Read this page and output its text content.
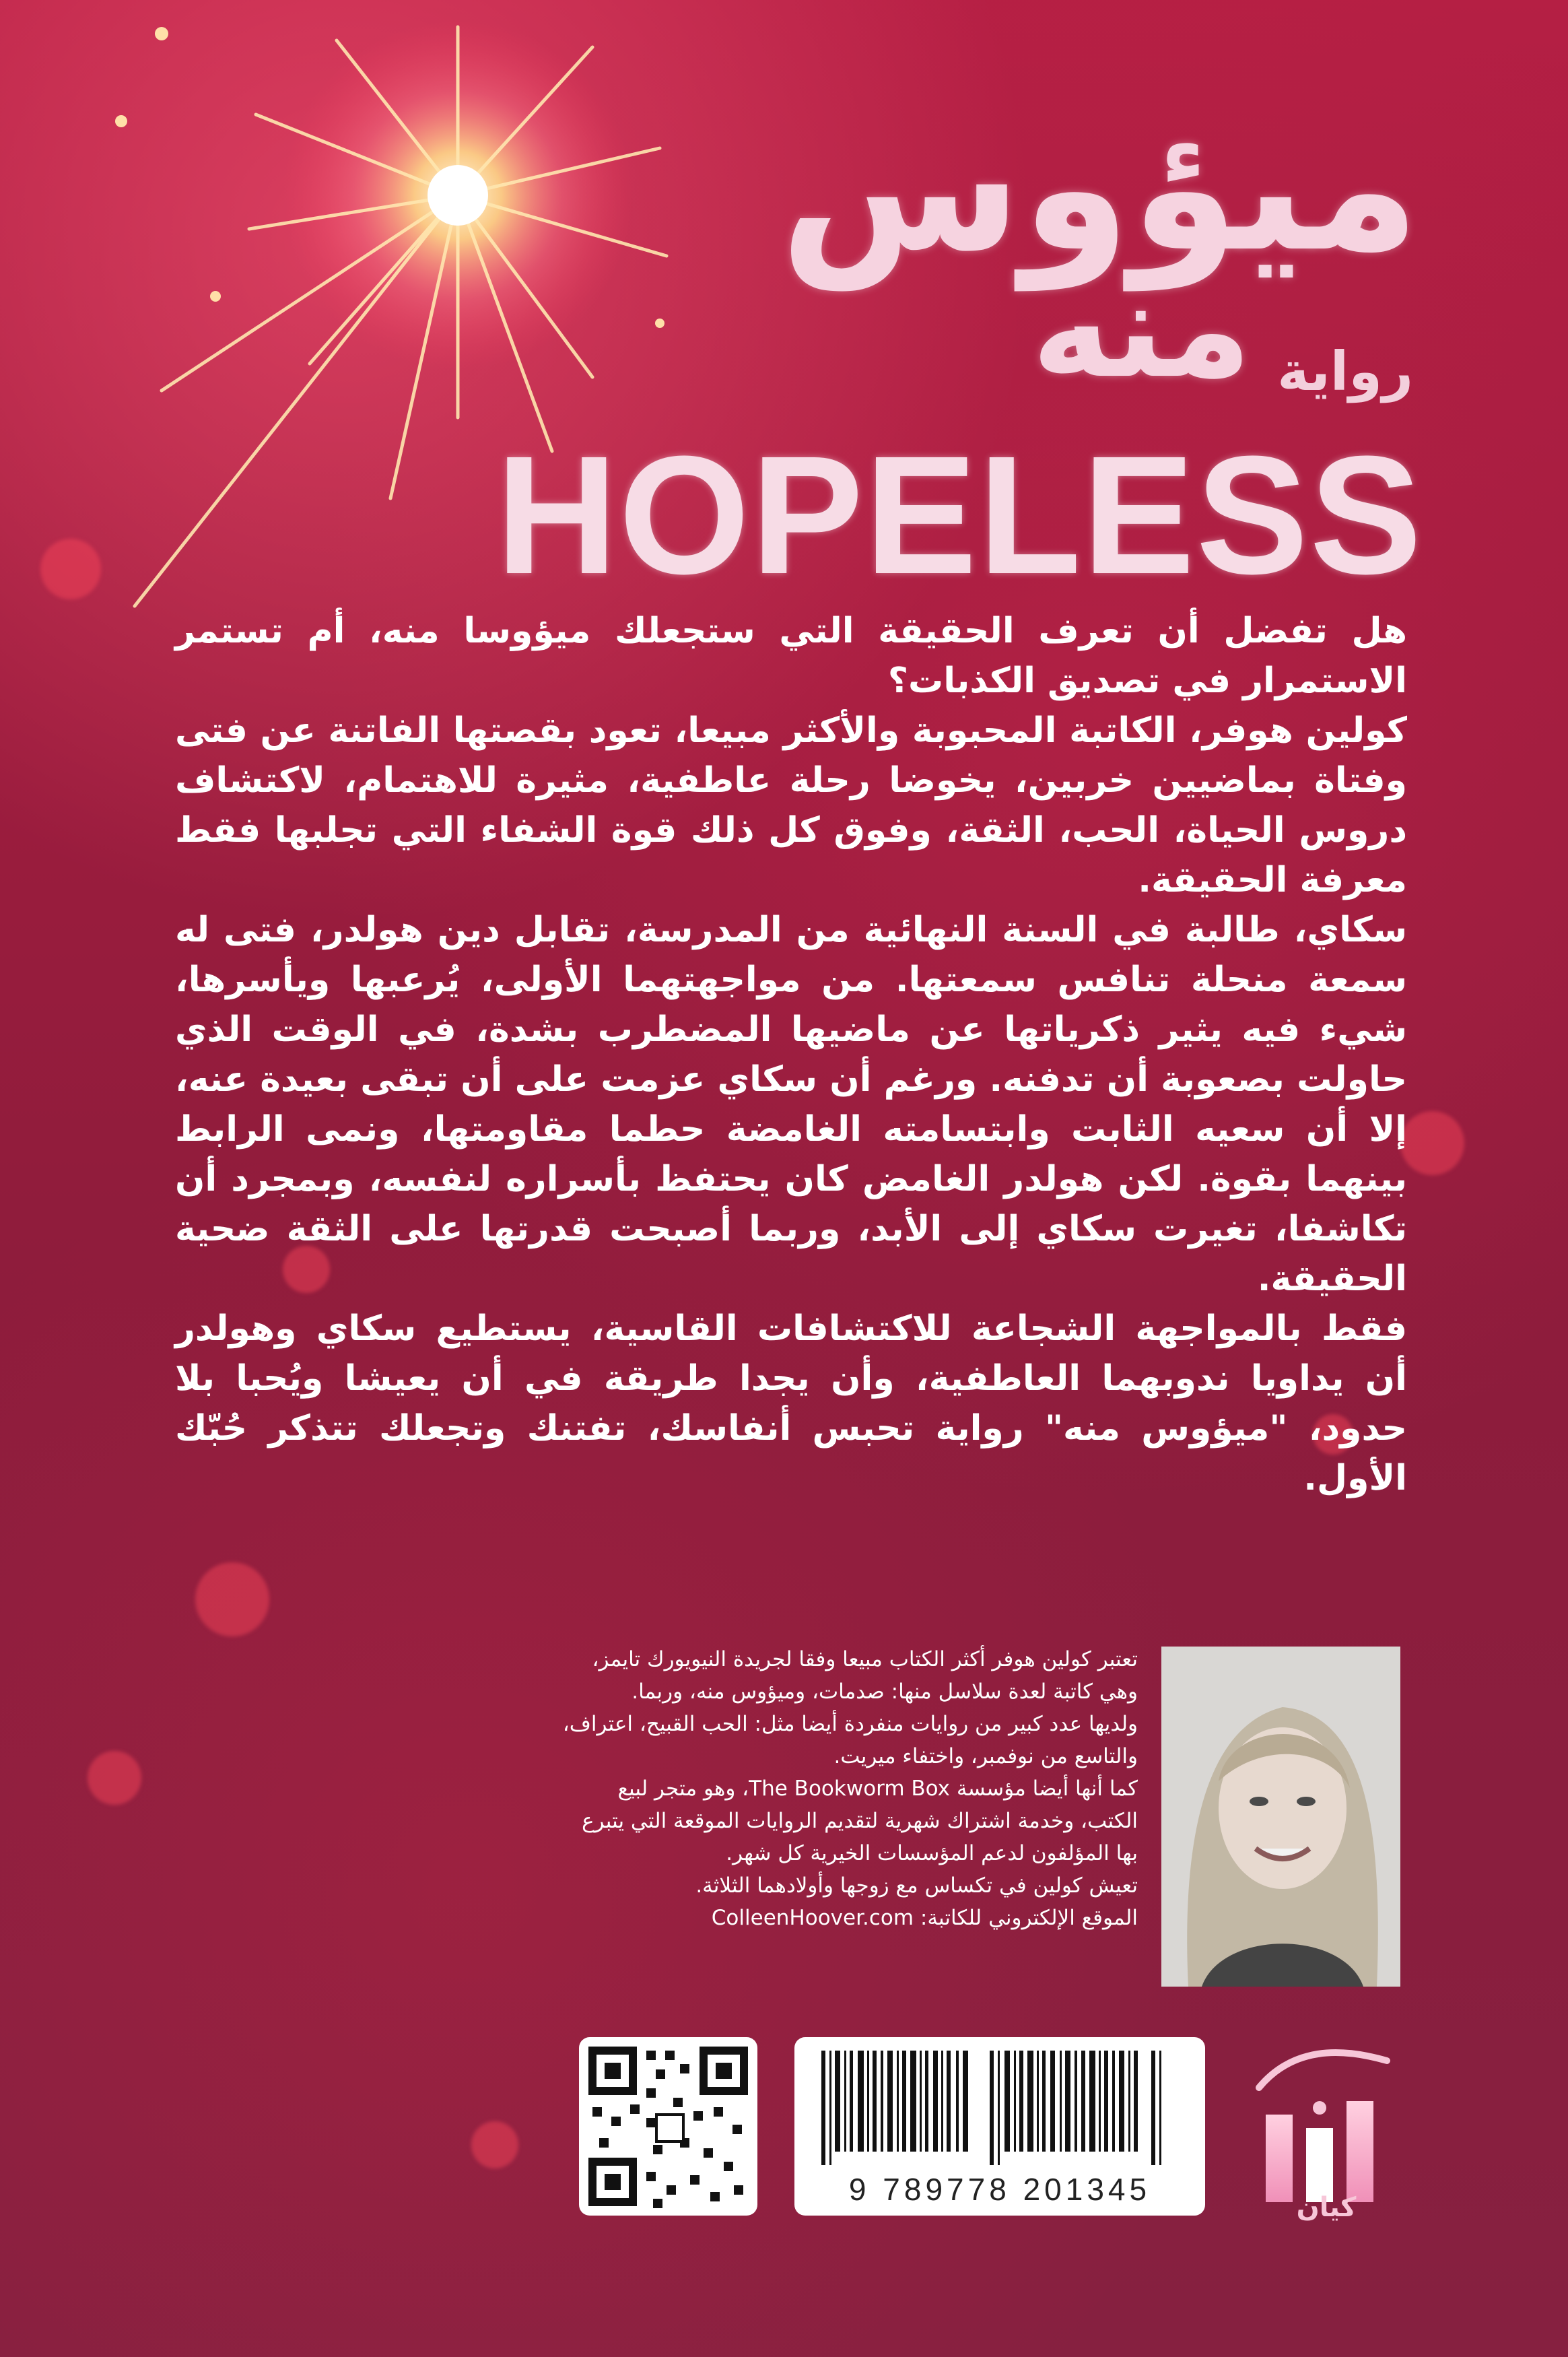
ميؤوس
منه رواية
HOPELESS

هل تفضل أن تعرف الحقيقة التي ستجعلك ميؤوسا منه، أم تستمر الاستمرار في تصديق الكذبات؟

كولين هوفر، الكاتبة المحبوبة والأكثر مبيعا، تعود بقصتها الفاتنة عن فتى وفتاة بماضيين خربين، يخوضا رحلة عاطفية، مثيرة للاهتمام، لاكتشاف دروس الحياة، الحب، الثقة، وفوق كل ذلك قوة الشفاء التي تجلبها فقط معرفة الحقيقة.

سكاي، طالبة في السنة النهائية من المدرسة، تقابل دين هولدر، فتى له سمعة منحلة تنافس سمعتها. من مواجهتهما الأولى، يُرعبها ويأسرها، شيء فيه يثير ذكرياتها عن ماضيها المضطرب بشدة، في الوقت الذي حاولت بصعوبة أن تدفنه. ورغم أن سكاي عزمت على أن تبقى بعيدة عنه، إلا أن سعيه الثابت وابتسامته الغامضة حطما مقاومتها، ونمى الرابط بينهما بقوة. لكن هولدر الغامض كان يحتفظ بأسراره لنفسه، وبمجرد أن تكاشفا، تغيرت سكاي إلى الأبد، وربما أصبحت قدرتها على الثقة ضحية الحقيقة.

فقط بالمواجهة الشجاعة للاكتشافات القاسية، يستطيع سكاي وهولدر أن يداويا ندوبهما العاطفية، وأن يجدا طريقة في أن يعيشا ويُحبا بلا حدود، "ميؤوس منه" رواية تحبس أنفاسك، تفتنك وتجعلك تتذكر حُبّك الأول.

تعتبر كولين هوفر أكثر الكتاب مبيعا وفقا لجريدة النيويورك تايمز، وهي كاتبة لعدة سلاسل منها: صدمات، وميؤوس منه، وربما.

ولديها عدد كبير من روايات منفردة أيضا مثل: الحب القبيح، اعتراف، والتاسع من نوفمبر، واختفاء ميريت.

كما أنها أيضا مؤسسة The Bookworm Box، وهو متجر لبيع الكتب، وخدمة اشتراك شهرية لتقديم الروايات الموقعة التي يتبرع بها المؤلفون لدعم المؤسسات الخيرية كل شهر.

تعيش كولين في تكساس مع زوجها وأولادهما الثلاثة.

الموقع الإلكتروني للكاتبة: ColleenHoover.com

9 789778 201345
كيان
